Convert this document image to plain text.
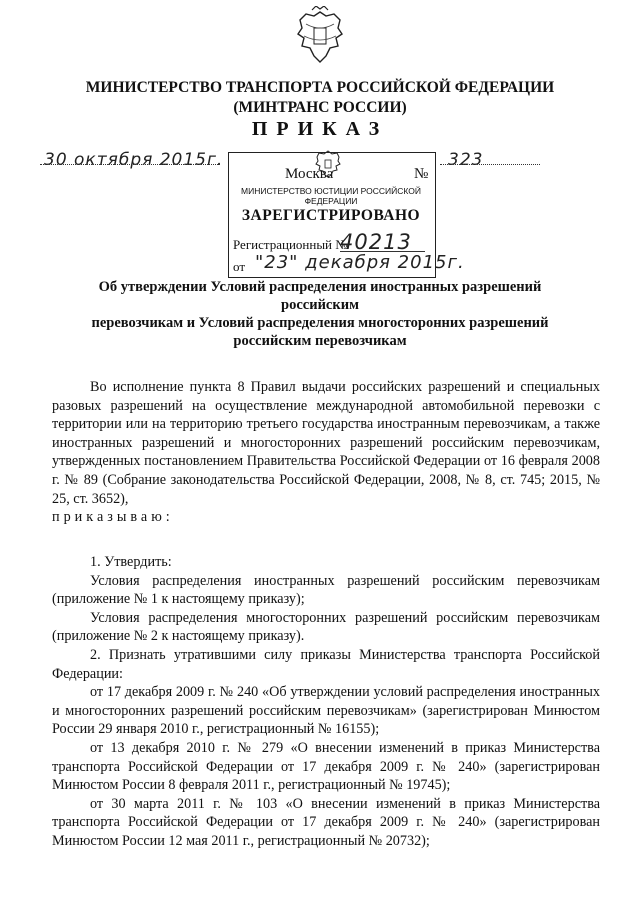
МИНИСТЕРСТВО ТРАНСПОРТА РОССИЙСКОЙ ФЕДЕРАЦИИ
(МИНТРАНС РОССИИ)
ПРИКАЗ
30 октября 2015г.
Москва	№
323
МИНИСТЕРСТВО ЮСТИЦИИ РОССИЙСКОЙ ФЕДЕРАЦИИ
ЗАРЕГИСТРИРОВАНО
Регистрационный №
40213
от "23" декабря 2015г.
Об утверждении Условий распределения иностранных разрешений российским
перевозчикам и Условий распределения многосторонних разрешений
российским перевозчикам

Во исполнение пункта 8 Правил выдачи российских разрешений и специальных разовых разрешений на осуществление международной автомобильной перевозки с территории или на территорию третьего государства иностранным перевозчикам, а также иностранных разрешений и многосторонних разрешений российским перевозчикам, утвержденных постановлением Правительства Российской Федерации от 16 февраля 2008 г. № 89 (Собрание законодательства Российской Федерации, 2008, № 8, ст. 745; 2015, № 25, ст. 3652),

приказываю:

1. Утвердить:

Условия распределения иностранных разрешений российским перевозчикам (приложение № 1 к настоящему приказу);

Условия распределения многосторонних разрешений российским перевозчикам (приложение № 2 к настоящему приказу).

2. Признать утратившими силу приказы Министерства транспорта Российской Федерации:

от 17 декабря 2009 г. № 240 «Об утверждении условий распределения иностранных и многосторонних разрешений российским перевозчикам» (зарегистрирован Минюстом России 29 января 2010 г., регистрационный № 16155);

от 13 декабря 2010 г. № 279 «О внесении изменений в приказ Министерства транспорта Российской Федерации от 17 декабря 2009 г. № 240» (зарегистрирован Минюстом России 8 февраля 2011 г., регистрационный № 19745);

от 30 марта 2011 г. № 103 «О внесении изменений в приказ Министерства транспорта Российской Федерации от 17 декабря 2009 г. № 240» (зарегистрирован Минюстом России 12 мая 2011 г., регистрационный № 20732);
